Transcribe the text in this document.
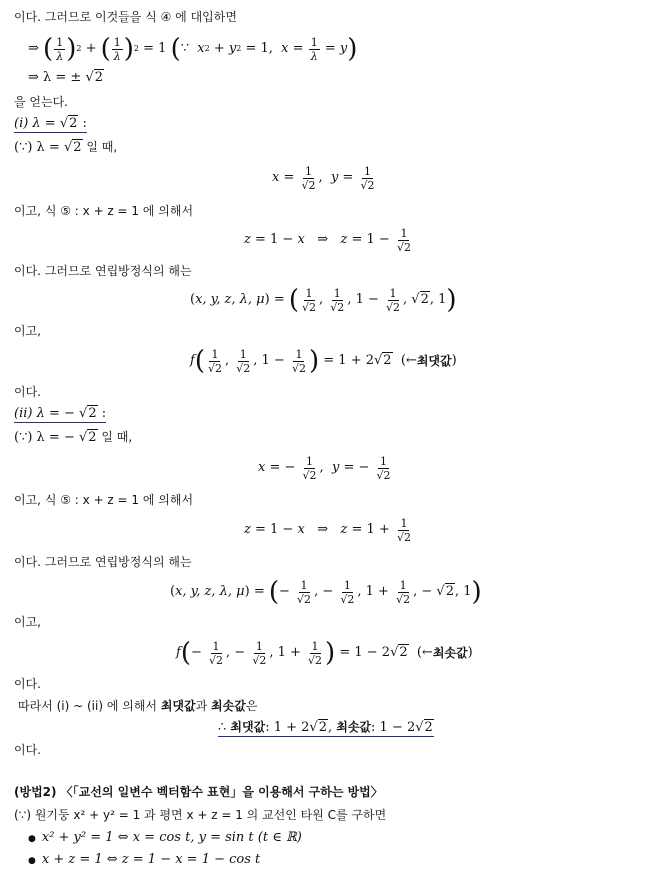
이다. 그러므로 이것들을 식 ④ 에 대입하면
⇒ ( $\frac{1}{\lambda}$ ) 2 + ( $\frac{1}{\lambda}$ ) 2 = 1 ( ∵ x 2 + y 2 = 1, $x = \frac{1}{\lambda} = y$ )
⇒ λ = ± √2
을 얻는다.
(i) λ = √2 :
(∵) λ = √2 일 때,
$x = \frac{1}{√2}$ , $y = \frac{1}{√2}$
이고, 식 ⑤ : x + z = 1 에 의해서
z = 1 − x ⇒ $z = 1 - \frac{1}{√2}$
이다. 그러므로 연립방정식의 해는
( x, y, z, λ, μ ) = ( $\frac{1}{√2}$ , $\frac{1}{√2}$ , $1 - \frac{1}{√2}$ , √2 , 1 )
이고,
f ( $\frac{1}{√2}$ , $\frac{1}{√2}$ , $1 - \frac{1}{√2}$ ) = 1 + 2 √2 (← 최댓값 )
이다.
(ii) λ = − √2 :
(∵) λ = − √2 일 때,
x = − $\frac{1}{√2}$ , y = − $\frac{1}{√2}$
이고, 식 ⑤ : x + z = 1 에 의해서
z = 1 − x ⇒ $z = 1 + \frac{1}{√2}$
이다. 그러므로 연립방정식의 해는
( x, y, z, λ, μ ) = ( − $\frac{1}{√2}$ , − $\frac{1}{√2}$ , $1 + \frac{1}{√2}$ , − √2 , 1 )
이고,
f ( − $\frac{1}{√2}$ , − $\frac{1}{√2}$ , $1 + \frac{1}{√2}$ ) = 1 − 2 √2 (← 최솟값 )
이다.
따라서 (i) ~ (ii) 에 의해서 최댓값과 최솟값은
∴ 최댓값: 1 + 2√2, 최솟값: 1 − 2√2
이다.
(방법2) 〈「교선의 일변수 벡터함수 표현」을 이용해서 구하는 방법〉
(∵) 원기둥 x² + y² = 1 과 평면 x + z = 1 의 교선인 타원 C를 구하면
● x² + y² = 1 ⇔ x = cos t, y = sin t (t ∈ ℝ)
● x + z = 1 ⇔ z = 1 − x = 1 − cos t
